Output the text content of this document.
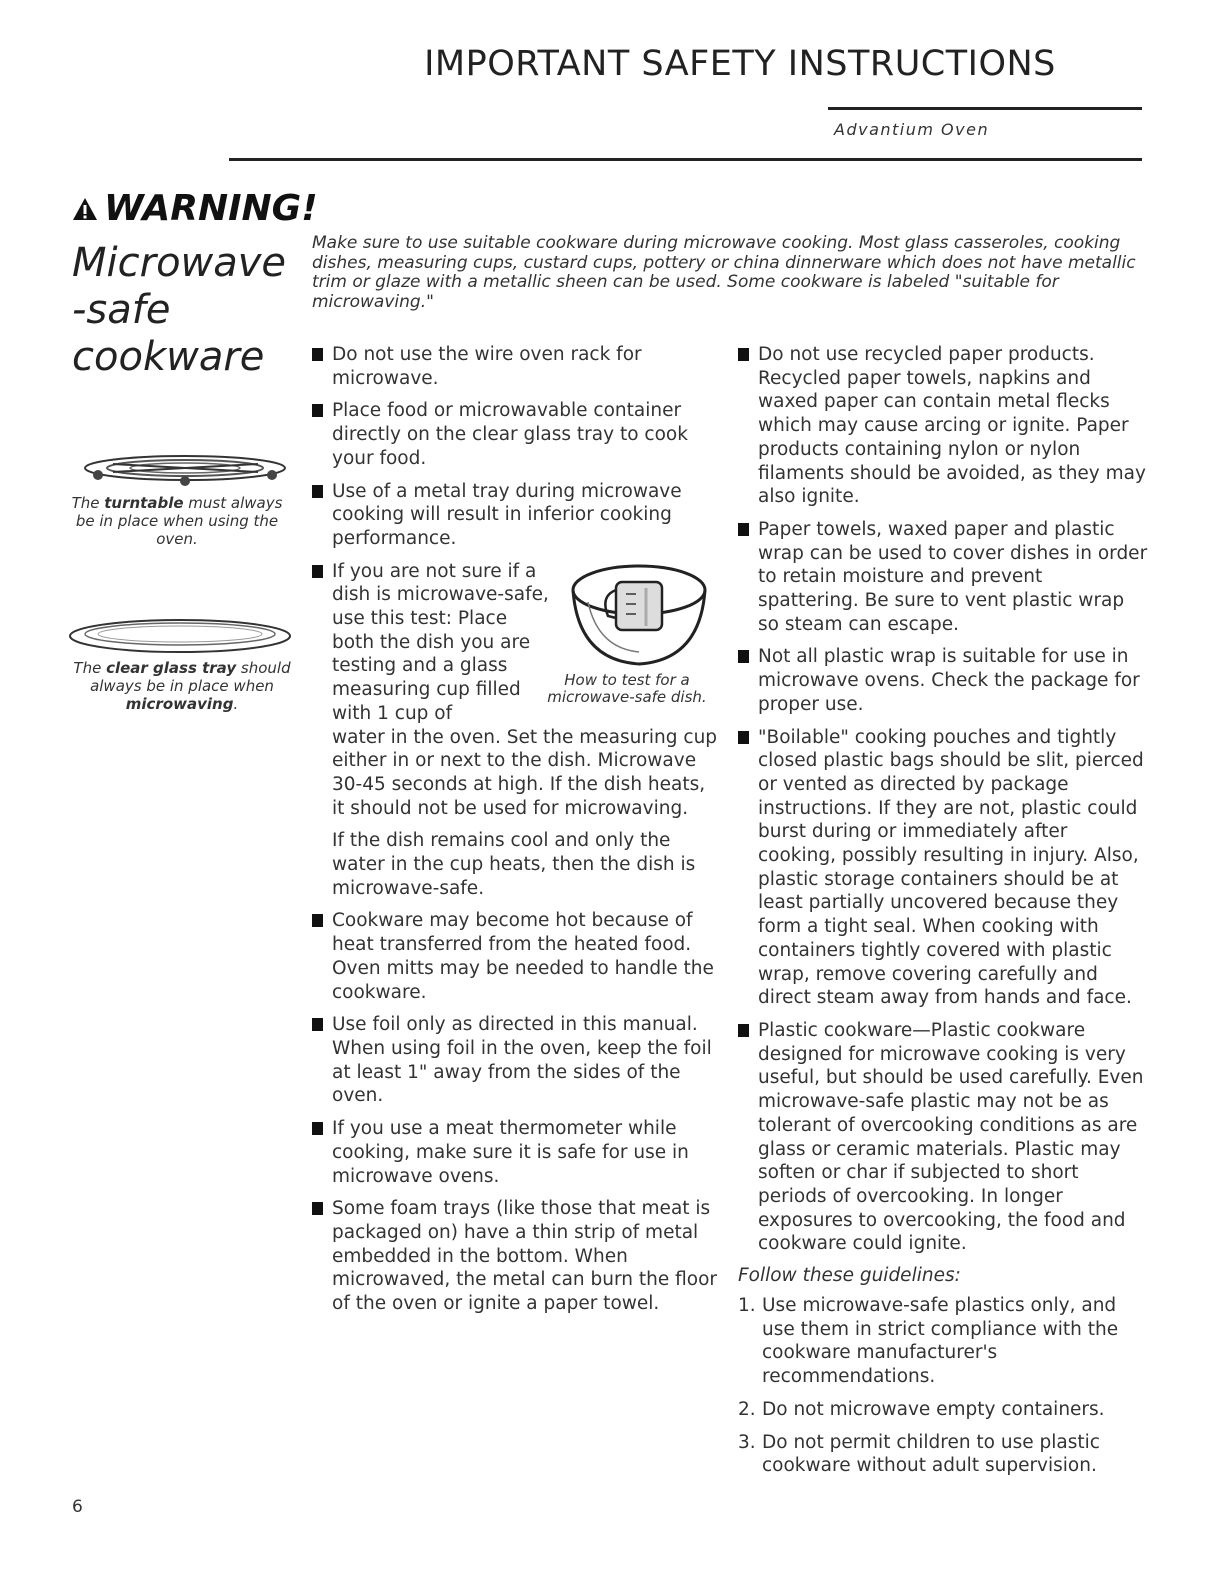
IMPORTANT SAFETY INSTRUCTIONS
Advantium Oven
WARNING!
Microwave
-safe
cookware
The turntable must always be in place when using the oven.
The clear glass tray should always be in place when microwaving.
Make sure to use suitable cookware during microwave cooking. Most glass casseroles, cooking dishes, measuring cups, custard cups, pottery or china dinnerware which does not have metallic trim or glaze with a metallic sheen can be used. Some cookware is labeled "suitable for microwaving."
Do not use the wire oven rack for microwave.
Place food or microwavable container directly on the clear glass tray to cook your food.
Use of a metal tray during microwave cooking will result in inferior cooking performance.
If you are not sure if a dish is microwave-safe, use this test: Place both the dish you are testing and a glass measuring cup filled with 1 cup of
water in the oven. Set the measuring cup either in or next to the dish. Microwave 30-45 seconds at high. If the dish heats, it should not be used for microwaving.
If the dish remains cool and only the water in the cup heats, then the dish is microwave-safe.
Cookware may become hot because of heat transferred from the heated food. Oven mitts may be needed to handle the cookware.
Use foil only as directed in this manual. When using foil in the oven, keep the foil at least 1" away from the sides of the oven.
If you use a meat thermometer while cooking, make sure it is safe for use in microwave ovens.
Some foam trays (like those that meat is packaged on) have a thin strip of metal embedded in the bottom. When microwaved, the metal can burn the floor of the oven or ignite a paper towel.
How to test for a microwave-safe dish.
Do not use recycled paper products. Recycled paper towels, napkins and waxed paper can contain metal flecks which may cause arcing or ignite. Paper products containing nylon or nylon filaments should be avoided, as they may also ignite.
Paper towels, waxed paper and plastic wrap can be used to cover dishes in order to retain moisture and prevent spattering. Be sure to vent plastic wrap so steam can escape.
Not all plastic wrap is suitable for use in microwave ovens. Check the package for proper use.
"Boilable" cooking pouches and tightly closed plastic bags should be slit, pierced or vented as directed by package instructions. If they are not, plastic could burst during or immediately after cooking, possibly resulting in injury. Also, plastic storage containers should be at least partially uncovered because they form a tight seal. When cooking with containers tightly covered with plastic wrap, remove covering carefully and direct steam away from hands and face.
Plastic cookware—Plastic cookware designed for microwave cooking is very useful, but should be used carefully. Even microwave-safe plastic may not be as tolerant of overcooking conditions as are glass or ceramic materials. Plastic may soften or char if subjected to short periods of overcooking. In longer exposures to overcooking, the food and cookware could ignite.
Follow these guidelines:
1. Use microwave-safe plastics only, and use them in strict compliance with the cookware manufacturer's recommendations.
2. Do not microwave empty containers.
3. Do not permit children to use plastic cookware without adult supervision.
6
